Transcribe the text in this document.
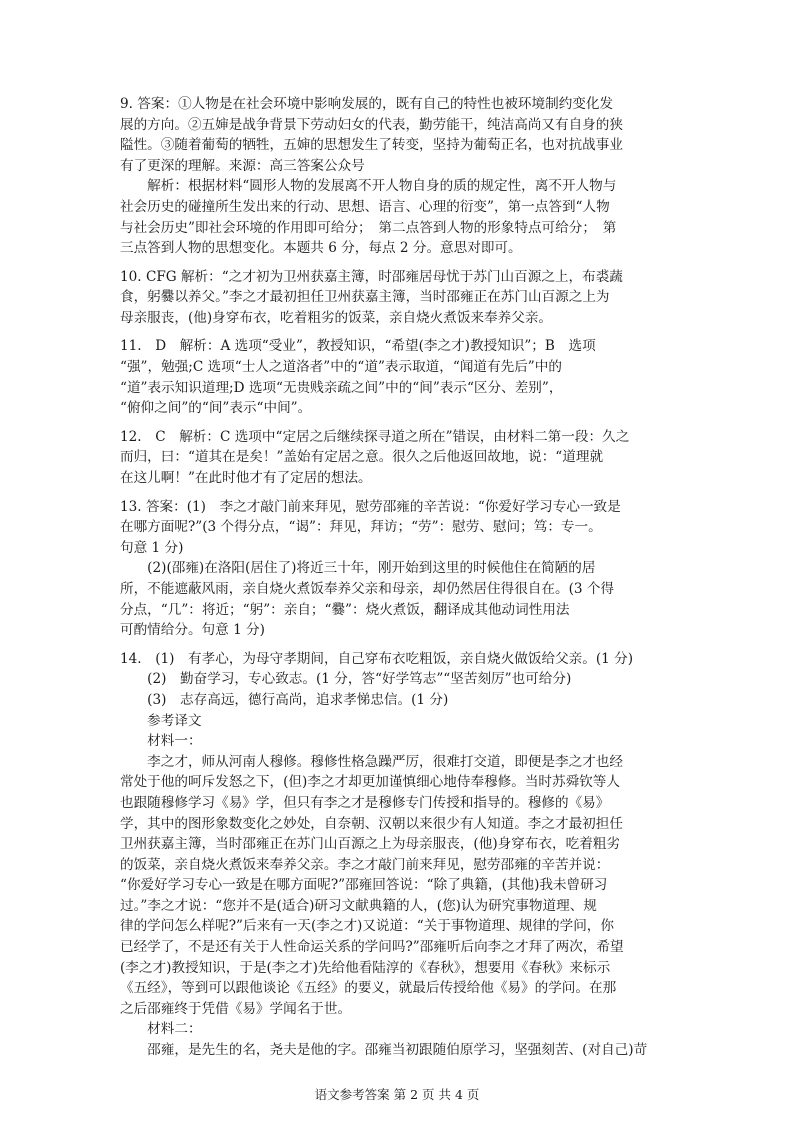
9. 答案：①人物是在社会环境中影响发展的，既有自己的特性也被环境制约变化发
展的方向。②五婶是战争背景下劳动妇女的代表，勤劳能干，纯洁高尚又有自身的狭
隘性。③随着葡萄的牺牲，五婶的思想发生了转变，坚持为葡萄正名，也对抗战事业
有了更深的理解。来源：高三答案公众号
　　解析：根据材料“圆形人物的发展离不开人物自身的质的规定性，离不开人物与
社会历史的碰撞所生发出来的行动、思想、语言、心理的衍变”，第一点答到“人物
与社会历史”即社会环境的作用即可给分；　第二点答到人物的形象特点可给分；　第
三点答到人物的思想变化。本题共 6 分，每点 2 分。意思对即可。
10. CFG 解析：“之才初为卫州获嘉主簿，时邵雍居母忧于苏门山百源之上，布裘蔬
食，躬爨以养父。”李之才最初担任卫州获嘉主簿，当时邵雍正在苏门山百源之上为
母亲服丧，(他)身穿布衣，吃着粗劣的饭菜，亲自烧火煮饭来奉养父亲。
11.　D　解析：A 选项“受业”，教授知识，“希望(李之才)教授知识”；B　选项
“强”，勉强;C 选项“士人之道洛者”中的“道”表示取道，“闻道有先后”中的
“道”表示知识道理;D 选项“无贵贱亲疏之间”中的“间”表示“区分、差别”，
“俯仰之间”的“间”表示“中间”。
12.　C　解析：C 选项中“定居之后继续探寻道之所在”错误，由材料二第一段：久之
而归，曰：“道其在是矣！”盖始有定居之意。很久之后他返回故地，说：“道理就
在这儿啊！”在此时他才有了定居的想法。
13. 答案：(1)　李之才敲门前来拜见，慰劳邵雍的辛苦说：“你爱好学习专心一致是
在哪方面呢?”(3 个得分点，“谒”：拜见，拜访；“劳”：慰劳、慰问；笃：专一。
句意 1 分)
　　(2)(邵雍)在洛阳(居住了)将近三十年，刚开始到这里的时候他住在简陋的居
所，不能遮蔽风雨，亲自烧火煮饭奉养父亲和母亲，却仍然居住得很自在。(3 个得
分点，“几”：将近；“躬”：亲自；“爨”：烧火煮饭，翻译成其他动词性用法
可酌情给分。句意 1 分)
14.　(1)　有孝心，为母守孝期间，自己穿布衣吃粗饭，亲自烧火做饭给父亲。(1 分)
　　(2)　勤奋学习，专心致志。(1 分，答“好学笃志”“坚苦刻厉”也可给分)
　　(3)　志存高远，德行高尚，追求孝悌忠信。(1 分)
　　参考译文
　　材料一：
　　李之才，师从河南人穆修。穆修性格急躁严厉，很难打交道，即便是李之才也经
常处于他的呵斥发怒之下，(但)李之才却更加谨慎细心地侍奉穆修。当时苏舜钦等人
也跟随穆修学习《易》学，但只有李之才是穆修专门传授和指导的。穆修的《易》
学，其中的图形象数变化之妙处，自奈朝、汉朝以来很少有人知道。李之才最初担任
卫州获嘉主簿，当时邵雍正在苏门山百源之上为母亲服丧，(他)身穿布衣，吃着粗劣
的饭菜，亲自烧火煮饭来奉养父亲。李之才敲门前来拜见，慰劳邵雍的辛苦并说：
“你爱好学习专心一致是在哪方面呢?”邵雍回答说：“除了典籍，(其他)我未曾研习
过。”李之才说：“您并不是(适合)研习文献典籍的人，(您)认为研究事物道理、规
律的学问怎么样呢?”后来有一天(李之才)又说道：“关于事物道理、规律的学问，你
已经学了，不是还有关于人性命运关系的学问吗?”邵雍听后向李之才拜了两次，希望
(李之才)教授知识，于是(李之才)先给他看陆淳的《春秋》，想要用《春秋》来标示
《五经》，等到可以跟他谈论《五经》的要义，就最后传授给他《易》的学问。在那
之后邵雍终于凭借《易》学闻名于世。
　　材料二：
　　邵雍，是先生的名，尧夫是他的字。邵雍当初跟随伯原学习，坚强刻苦、(对自己)苛
语文参考答案 第 2 页 共 4 页
